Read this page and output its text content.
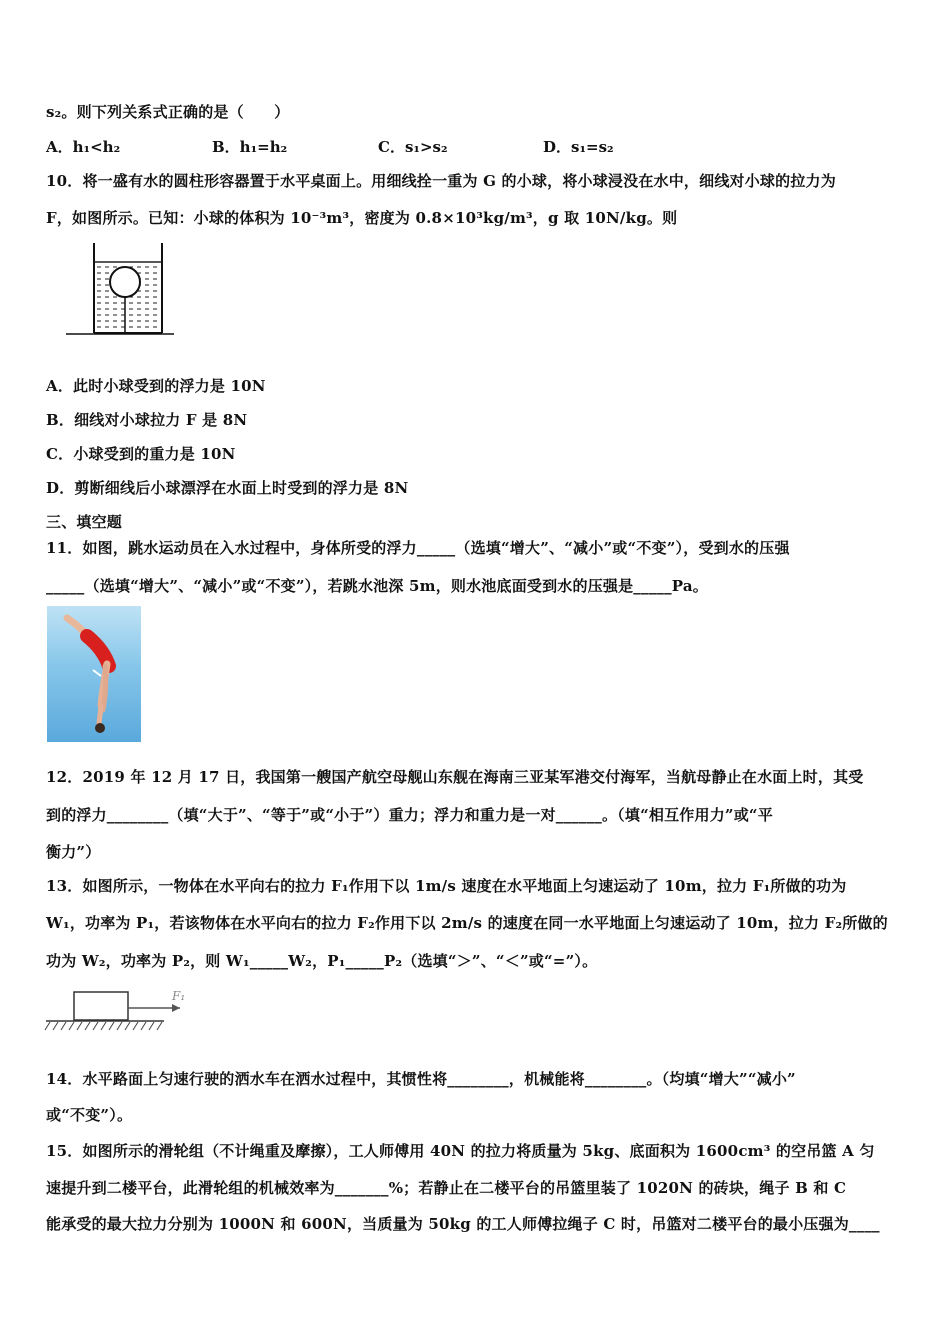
s₂。则下列关系式正确的是（　　）
A．h₁<h₂	B．h₁=h₂	C．s₁>s₂	D．s₁=s₂
10．将一盛有水的圆柱形容器置于水平桌面上。用细线拴一重为 G 的小球，将小球浸没在水中，细线对小球的拉力为
F，如图所示。已知：小球的体积为 10⁻³m³，密度为 0.8×10³kg/m³，g 取 10N/kg。则
A．此时小球受到的浮力是 10N
B．细线对小球拉力 F 是 8N
C．小球受到的重力是 10N
D．剪断细线后小球漂浮在水面上时受到的浮力是 8N
三、填空题
11．如图，跳水运动员在入水过程中，身体所受的浮力_____（选填“增大”、“减小”或“不变”），受到水的压强
_____（选填“增大”、“减小”或“不变”），若跳水池深 5m，则水池底面受到水的压强是_____Pa。
12．2019 年 12 月 17 日，我国第一艘国产航空母舰山东舰在海南三亚某军港交付海军，当航母静止在水面上时，其受
到的浮力________（填“大于”、“等于”或“小于”）重力；浮力和重力是一对______。（填“相互作用力”或“平
衡力”）
13．如图所示，一物体在水平向右的拉力 F₁作用下以 1m/s 速度在水平地面上匀速运动了 10m，拉力 F₁所做的功为
W₁，功率为 P₁，若该物体在水平向右的拉力 F₂作用下以 2m/s 的速度在同一水平地面上匀速运动了 10m，拉力 F₂所做的
功为 W₂，功率为 P₂，则 W₁_____W₂，P₁_____P₂（选填“＞”、“＜”或“=”）。
F₁
14．水平路面上匀速行驶的洒水车在洒水过程中，其惯性将________，机械能将________。（均填“增大”“减小”
或“不变”）。
15．如图所示的滑轮组（不计绳重及摩擦），工人师傅用 40N 的拉力将质量为 5kg、底面积为 1600cm³ 的空吊篮 A 匀
速提升到二楼平台，此滑轮组的机械效率为_______%；若静止在二楼平台的吊篮里装了 1020N 的砖块，绳子 B 和 C
能承受的最大拉力分别为 1000N 和 600N，当质量为 50kg 的工人师傅拉绳子 C 时，吊篮对二楼平台的最小压强为____
